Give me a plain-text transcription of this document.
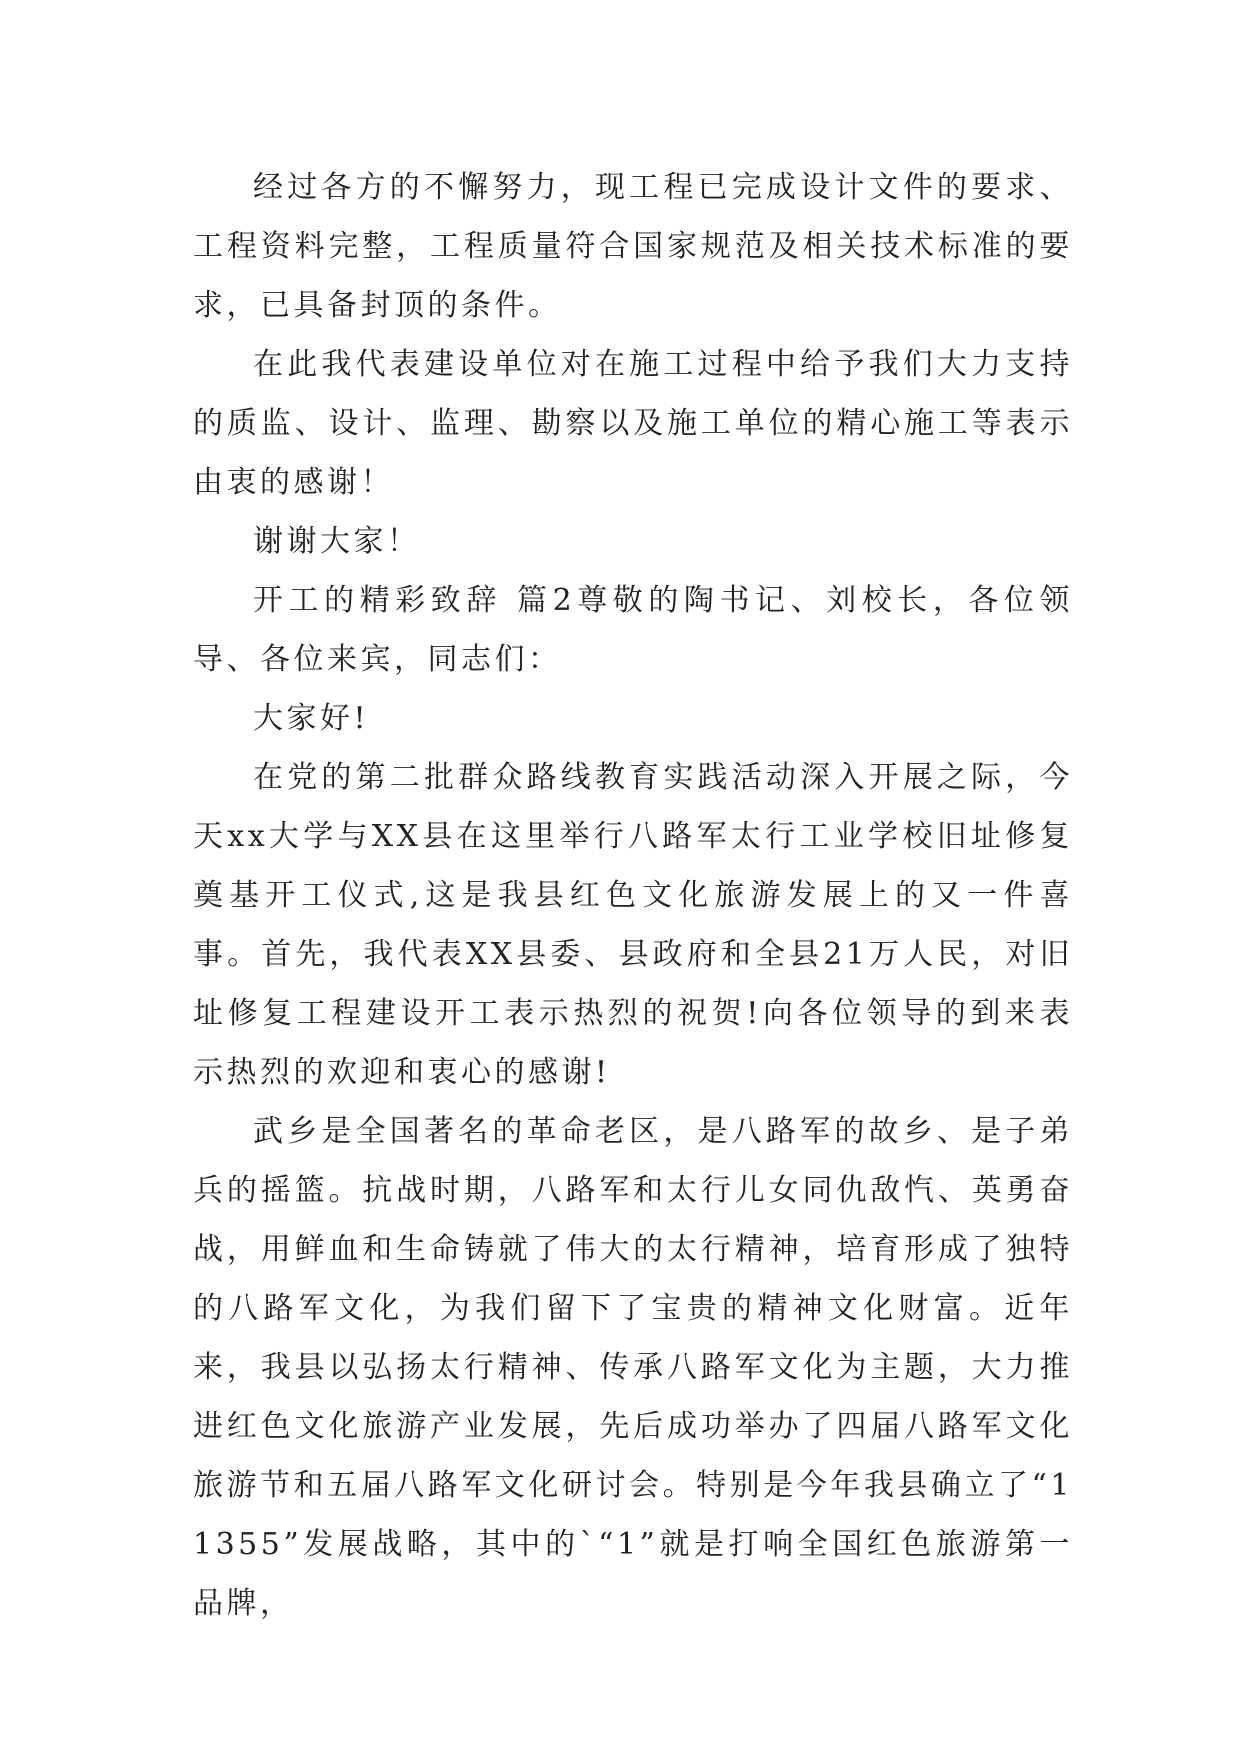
经过各方的不懈努力，现工程已完成设计文件的要求、工程资料完整，工程质量符合国家规范及相关技术标准的要求，已具备封顶的条件。

在此我代表建设单位对在施工过程中给予我们大力支持的质监、设计、监理、勘察以及施工单位的精心施工等表示由衷的感谢！

谢谢大家！

开工的精彩致辞 篇2尊敬的陶书记、刘校长，各位领导、各位来宾，同志们：

大家好!

在党的第二批群众路线教育实践活动深入开展之际，今天xx大学与XX县在这里举行八路军太行工业学校旧址修复奠基开工仪式,这是我县红色文化旅游发展上的又一件喜事。首先，我代表XX县委、县政府和全县21万人民，对旧址修复工程建设开工表示热烈的祝贺!向各位领导的到来表示热烈的欢迎和衷心的感谢!

武乡是全国著名的革命老区，是八路军的故乡、是子弟兵的摇篮。抗战时期，八路军和太行儿女同仇敌忾、英勇奋战，用鲜血和生命铸就了伟大的太行精神，培育形成了独特的八路军文化，为我们留下了宝贵的精神文化财富。近年来，我县以弘扬太行精神、传承八路军文化为主题，大力推进红色文化旅游产业发展，先后成功举办了四届八路军文化旅游节和五届八路军文化研讨会。特别是今年我县确立了“11355”发展战略，其中的`“1”就是打响全国红色旅游第一品牌，
